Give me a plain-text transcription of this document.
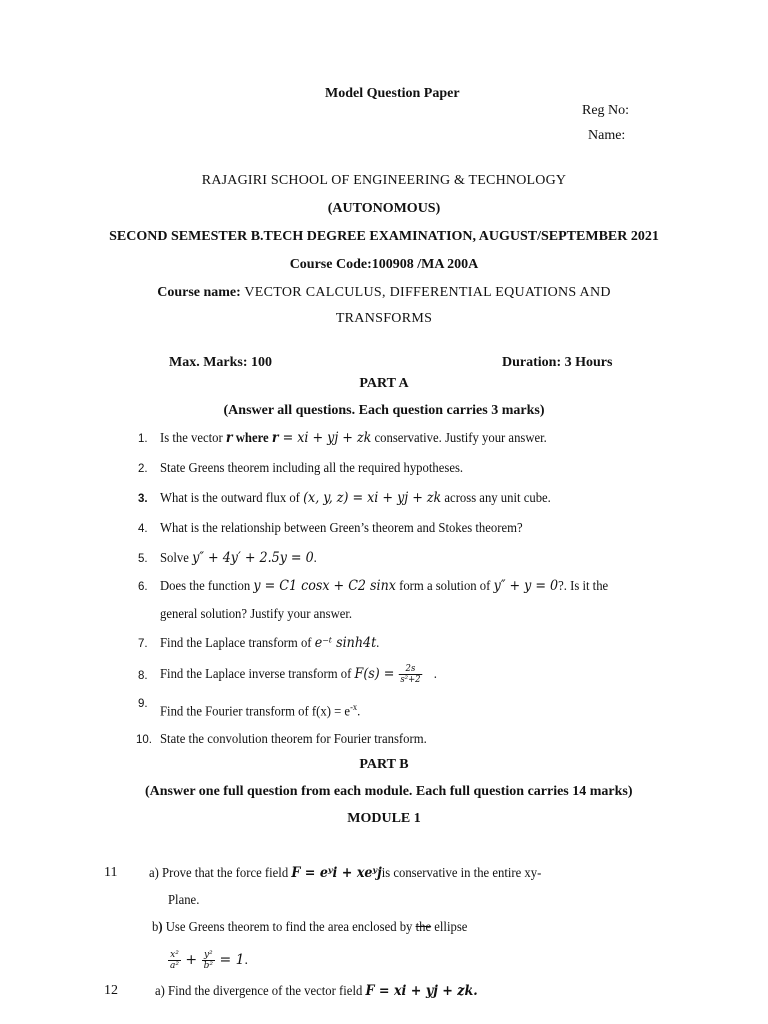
Model Question Paper
Reg No:
Name:
RAJAGIRI SCHOOL OF ENGINEERING & TECHNOLOGY
(AUTONOMOUS)
SECOND SEMESTER B.TECH DEGREE EXAMINATION, AUGUST/SEPTEMBER 2021
Course Code:100908 /MA 200A
Course name: VECTOR CALCULUS, DIFFERENTIAL EQUATIONS AND
TRANSFORMS
Max. Marks: 100	Duration: 3 Hours
PART A
(Answer all questions. Each question carries 3 marks)
1. Is the vector r where r = xi + yj + zk conservative. Justify your answer.
2. State Greens theorem including all the required hypotheses.
3. What is the outward flux of (x, y, z) = xi + yj + zk across any unit cube.
4. What is the relationship between Green’s theorem and Stokes theorem?
5. Solve y″ + 4y′ + 2.5y = 0.
6. Does the function y = C1 cosx + C2 sinx form a solution of y″ + y = 0?. Is it the
general solution? Justify your answer.
7. Find the Laplace transform of e⁻ᵗ sinh4t.
8. Find the Laplace inverse transform of $F(s) = \frac{2s}{\text{s²+2}}$ .
9. Find the Fourier transform of $f(x) = e^{-x}$.
10. State the convolution theorem for Fourier transform.
PART B
(Answer one full question from each module. Each full question carries 14 marks)
MODULE 1
11 a) Prove that the force field F = eʸi + xeʸjis conservative in the entire xy-
Plane.
b) Use Greens theorem to find the area enclosed by the ellipse
$\frac{\text{x²}}{\text{a²}} + \frac{\text{y²}}{\text{b²}} = 1$.
12	a) Find the divergence of the vector field F = xi + yj + zk.
